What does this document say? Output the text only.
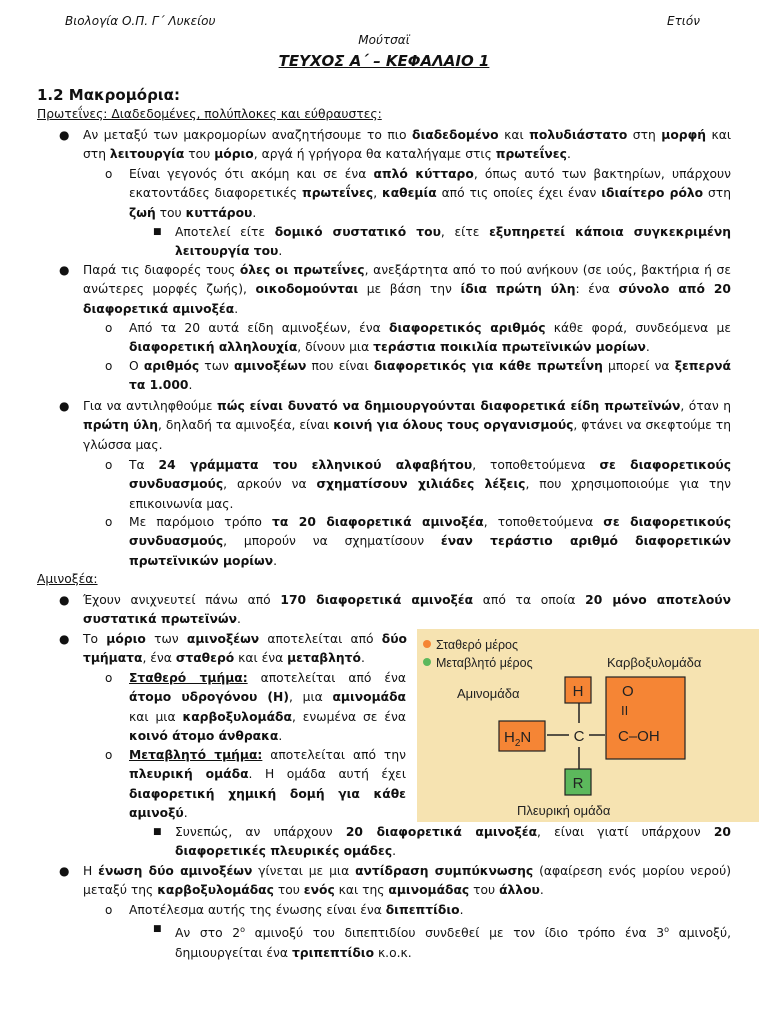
Βιολογία Ο.Π. Γ΄ Λυκείου	Ετιόν
Μούτσαϊ
ΤΕΥΧΟΣ Α΄ – ΚΕΦΑΛΑΙΟ 1
1.2 Μακρομόρια:
Πρωτεΐνες: Διαδεδομένες, πολύπλοκες και εύθραυστες:
● Αν μεταξύ των μακρομορίων αναζητήσουμε το πιο διαδεδομένο και πολυδιάστατο στη μορφή και στη λειτουργία του μόριο, αργά ή γρήγορα θα καταλήγαμε στις πρωτεΐνες.
o Είναι γεγονός ότι ακόμη και σε ένα απλό κύτταρο, όπως αυτό των βακτηρίων, υπάρχουν εκατοντάδες διαφορετικές πρωτεΐνες, καθεμία από τις οποίες έχει έναν ιδιαίτερο ρόλο στη ζωή του κυττάρου.
■ Αποτελεί είτε δομικό συστατικό του, είτε εξυπηρετεί κάποια συγκεκριμένη λειτουργία του.
● Παρά τις διαφορές τους όλες οι πρωτεΐνες, ανεξάρτητα από το πού ανήκουν (σε ιούς, βακτήρια ή σε ανώτερες μορφές ζωής), οικοδομούνται με βάση την ίδια πρώτη ύλη: ένα σύνολο από 20 διαφορετικά αμινοξέα.
o Από τα 20 αυτά είδη αμινοξέων, ένα διαφορετικός αριθμός κάθε φορά, συνδεόμενα με διαφορετική αλληλουχία, δίνουν μια τεράστια ποικιλία πρωτεϊνικών μορίων.
o Ο αριθμός των αμινοξέων που είναι διαφορετικός για κάθε πρωτεΐνη μπορεί να ξεπερνά τα 1.000.
● Για να αντιληφθούμε πώς είναι δυνατό να δημιουργούνται διαφορετικά είδη πρωτεϊνών, όταν η πρώτη ύλη, δηλαδή τα αμινοξέα, είναι κοινή για όλους τους οργανισμούς, φτάνει να σκεφτούμε τη γλώσσα μας.
o Τα 24 γράμματα του ελληνικού αλφαβήτου, τοποθετούμενα σε διαφορετικούς συνδυασμούς, αρκούν να σχηματίσουν χιλιάδες λέξεις, που χρησιμοποιούμε για την επικοινωνία μας.
o Με παρόμοιο τρόπο τα 20 διαφορετικά αμινοξέα, τοποθετούμενα σε διαφορετικούς συνδυασμούς, μπορούν να σχηματίσουν έναν τεράστιο αριθμό διαφορετικών πρωτεϊνικών μορίων.
Αμινοξέα:
● Έχουν ανιχνευτεί πάνω από 170 διαφορετικά αμινοξέα από τα οποία 20 μόνο αποτελούν συστατικά πρωτεϊνών.
● Το μόριο των αμινοξέων αποτελείται από δύο τμήματα, ένα σταθερό και ένα μεταβλητό.
o Σταθερό τμήμα: αποτελείται από ένα άτομο υδρογόνου (Η), μια αμινομάδα και μια καρβοξυλομάδα, ενωμένα σε ένα κοινό άτομο άνθρακα.
o Μεταβλητό τμήμα: αποτελείται από την πλευρική ομάδα. Η ομάδα αυτή έχει διαφορετική χημική δομή για κάθε αμινοξύ.
■ Συνεπώς, αν υπάρχουν 20 διαφορετικά αμινοξέα, είναι γιατί υπάρχουν 20 διαφορετικές πλευρικές ομάδες.
● Η ένωση δύο αμινοξέων γίνεται με μια αντίδραση συμπύκνωσης (αφαίρεση ενός μορίου νερού) μεταξύ της καρβοξυλομάδας του ενός και της αμινομάδας του άλλου.
o Αποτέλεσμα αυτής της ένωσης είναι ένα διπεπτίδιο.
■ Αν στο $2^o$ αμινοξύ του διπεπτιδίου συνδεθεί με τον ίδιο τρόπο ένα $3^o$ αμινοξύ, δημιουργείται ένα τριπεπτίδιο κ.ο.κ.
Σταθερό μέρος
Μεταβλητό μέρος	Καρβοξυλομάδα
Αμινομάδα
Πλευρική ομάδα
H
C
$H_2N$
O
II
C–OH
R
